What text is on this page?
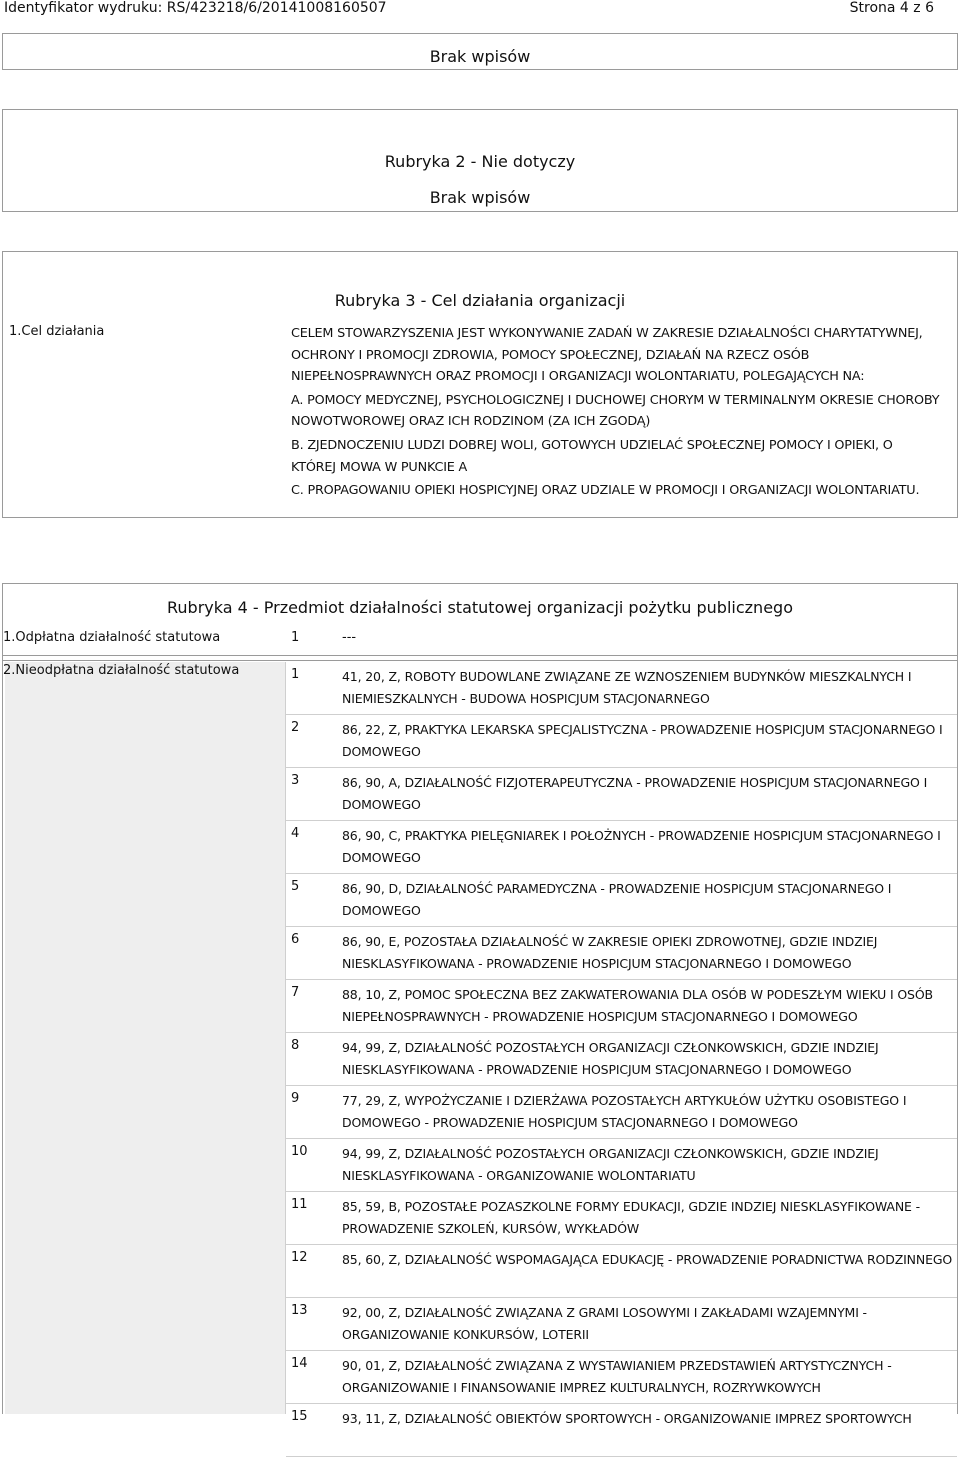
Identyfikator wydruku: RS/423218/6/20141008160507	Strona 4 z 6
Brak wpisów
Rubryka 2 - Nie dotyczy
Brak wpisów
Rubryka 3 - Cel działania organizacji
1.Cel działania	CELEM STOWARZYSZENIA JEST WYKONYWANIE ZADAŃ W ZAKRESIE DZIAŁALNOŚCI CHARYTATYWNEJ, OCHRONY I PROMOCJI ZDROWIA, POMOCY SPOŁECZNEJ, DZIAŁAŃ NA RZECZ OSÓB NIEPEŁNOSPRAWNYCH ORAZ PROMOCJI I ORGANIZACJI WOLONTARIATU, POLEGAJĄCYCH NA:

A. POMOCY MEDYCZNEJ, PSYCHOLOGICZNEJ I DUCHOWEJ CHORYM W TERMINALNYM OKRESIE CHOROBY NOWOTWOROWEJ ORAZ ICH RODZINOM (ZA ICH ZGODĄ)

B. ZJEDNOCZENIU LUDZI DOBREJ WOLI, GOTOWYCH UDZIELAĆ SPOŁECZNEJ POMOCY I OPIEKI, O KTÓREJ MOWA W PUNKCIE A

C. PROPAGOWANIU OPIEKI HOSPICYJNEJ ORAZ UDZIALE W PROMOCJI I ORGANIZACJI WOLONTARIATU.

Rubryka 4 - Przedmiot działalności statutowej organizacji pożytku publicznego
1.Odpłatna działalność statutowa	1	---
2.Nieodpłatna działalność statutowa	1	41, 20, Z, ROBOTY BUDOWLANE ZWIĄZANE ZE WZNOSZENIEM BUDYNKÓW MIESZKALNYCH I NIEMIESZKALNYCH - BUDOWA HOSPICJUM STACJONARNEGO
2	86, 22, Z, PRAKTYKA LEKARSKA SPECJALISTYCZNA - PROWADZENIE HOSPICJUM STACJONARNEGO I DOMOWEGO
3	86, 90, A, DZIAŁALNOŚĆ FIZJOTERAPEUTYCZNA - PROWADZENIE HOSPICJUM STACJONARNEGO I DOMOWEGO
4	86, 90, C, PRAKTYKA PIELĘGNIAREK I POŁOŻNYCH - PROWADZENIE HOSPICJUM STACJONARNEGO I DOMOWEGO
5	86, 90, D, DZIAŁALNOŚĆ PARAMEDYCZNA - PROWADZENIE HOSPICJUM STACJONARNEGO I DOMOWEGO
6	86, 90, E, POZOSTAŁA DZIAŁALNOŚĆ W ZAKRESIE OPIEKI ZDROWOTNEJ, GDZIE INDZIEJ NIESKLASYFIKOWANA - PROWADZENIE HOSPICJUM STACJONARNEGO I DOMOWEGO
7	88, 10, Z, POMOC SPOŁECZNA BEZ ZAKWATEROWANIA DLA OSÓB W PODESZŁYM WIEKU I OSÓB NIEPEŁNOSPRAWNYCH - PROWADZENIE HOSPICJUM STACJONARNEGO I DOMOWEGO
8	94, 99, Z, DZIAŁALNOŚĆ POZOSTAŁYCH ORGANIZACJI CZŁONKOWSKICH, GDZIE INDZIEJ NIESKLASYFIKOWANA - PROWADZENIE HOSPICJUM STACJONARNEGO I DOMOWEGO
9	77, 29, Z, WYPOŻYCZANIE I DZIERŻAWA POZOSTAŁYCH ARTYKUŁÓW UŻYTKU OSOBISTEGO I DOMOWEGO - PROWADZENIE HOSPICJUM STACJONARNEGO I DOMOWEGO
10	94, 99, Z, DZIAŁALNOŚĆ POZOSTAŁYCH ORGANIZACJI CZŁONKOWSKICH, GDZIE INDZIEJ NIESKLASYFIKOWANA - ORGANIZOWANIE WOLONTARIATU
11	85, 59, B, POZOSTAŁE POZASZKOLNE FORMY EDUKACJI, GDZIE INDZIEJ NIESKLASYFIKOWANE - PROWADZENIE SZKOLEŃ, KURSÓW, WYKŁADÓW
12	85, 60, Z, DZIAŁALNOŚĆ WSPOMAGAJĄCA EDUKACJĘ - PROWADZENIE PORADNICTWA RODZINNEGO
13	92, 00, Z, DZIAŁALNOŚĆ ZWIĄZANA Z GRAMI LOSOWYMI I ZAKŁADAMI WZAJEMNYMI - ORGANIZOWANIE KONKURSÓW, LOTERII
14	90, 01, Z, DZIAŁALNOŚĆ ZWIĄZANA Z WYSTAWIANIEM PRZEDSTAWIEŃ ARTYSTYCZNYCH - ORGANIZOWANIE I FINANSOWANIE IMPREZ KULTURALNYCH, ROZRYWKOWYCH
15	93, 11, Z, DZIAŁALNOŚĆ OBIEKTÓW SPORTOWYCH - ORGANIZOWANIE IMPREZ SPORTOWYCH
